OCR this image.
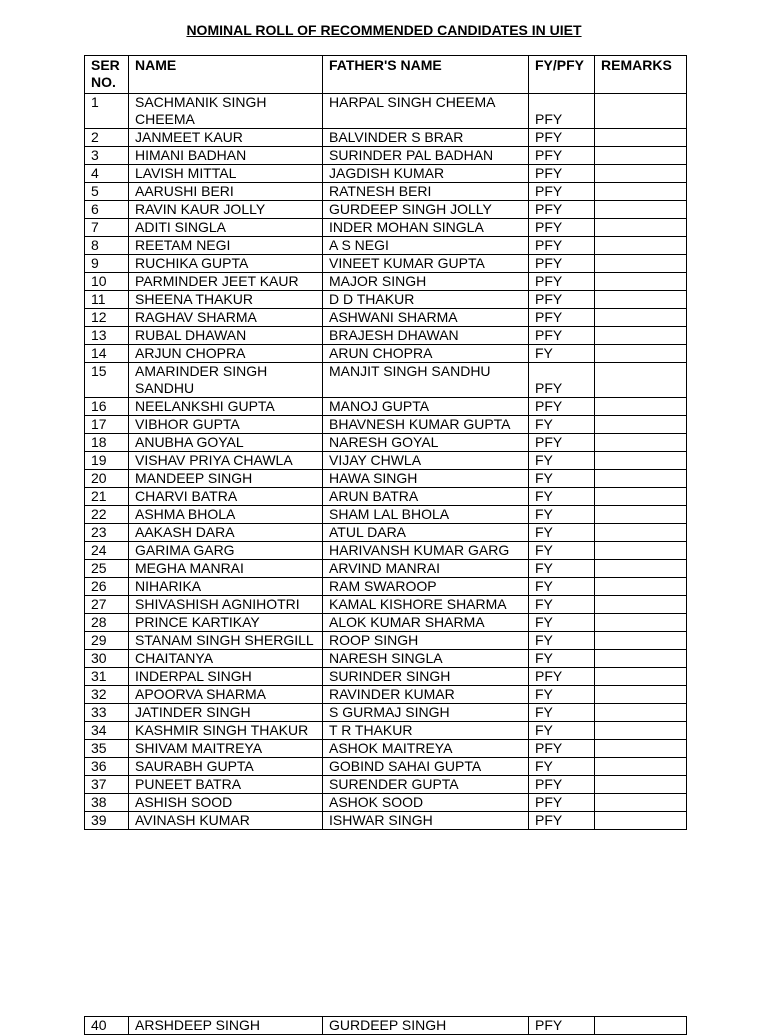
NOMINAL ROLL OF RECOMMENDED CANDIDATES IN UIET
SER NO.	NAME	FATHER'S NAME	FY/PFY	REMARKS
1	SACHMANIK SINGH CHEEMA	HARPAL SINGH CHEEMA	PFY	
2	JANMEET KAUR	BALVINDER S BRAR	PFY	
3	HIMANI BADHAN	SURINDER PAL BADHAN	PFY	
4	LAVISH MITTAL	JAGDISH KUMAR	PFY	
5	AARUSHI BERI	RATNESH BERI	PFY	
6	RAVIN KAUR JOLLY	GURDEEP SINGH JOLLY	PFY	
7	ADITI SINGLA	INDER MOHAN SINGLA	PFY	
8	REETAM NEGI	A S NEGI	PFY	
9	RUCHIKA GUPTA	VINEET KUMAR GUPTA	PFY	
10	PARMINDER JEET KAUR	MAJOR SINGH	PFY	
11	SHEENA THAKUR	D D THAKUR	PFY	
12	RAGHAV SHARMA	ASHWANI SHARMA	PFY	
13	RUBAL DHAWAN	BRAJESH DHAWAN	PFY	
14	ARJUN CHOPRA	ARUN CHOPRA	FY	
15	AMARINDER SINGH SANDHU	MANJIT SINGH SANDHU	PFY	
16	NEELANKSHI GUPTA	MANOJ GUPTA	PFY	
17	VIBHOR GUPTA	BHAVNESH KUMAR GUPTA	FY	
18	ANUBHA GOYAL	NARESH GOYAL	PFY	
19	VISHAV PRIYA CHAWLA	VIJAY CHWLA	FY	
20	MANDEEP SINGH	HAWA SINGH	FY	
21	CHARVI BATRA	ARUN BATRA	FY	
22	ASHMA BHOLA	SHAM LAL BHOLA	FY	
23	AAKASH DARA	ATUL DARA	FY	
24	GARIMA GARG	HARIVANSH KUMAR GARG	FY	
25	MEGHA MANRAI	ARVIND MANRAI	FY	
26	NIHARIKA	RAM SWAROOP	FY	
27	SHIVASHISH AGNIHOTRI	KAMAL KISHORE SHARMA	FY	
28	PRINCE KARTIKAY	ALOK KUMAR SHARMA	FY	
29	STANAM SINGH SHERGILL	ROOP SINGH	FY	
30	CHAITANYA	NARESH SINGLA	FY	
31	INDERPAL SINGH	SURINDER SINGH	PFY	
32	APOORVA SHARMA	RAVINDER KUMAR	FY	
33	JATINDER SINGH	S GURMAJ SINGH	FY	
34	KASHMIR SINGH THAKUR	T R THAKUR	FY	
35	SHIVAM MAITREYA	ASHOK MAITREYA	PFY	
36	SAURABH GUPTA	GOBIND SAHAI GUPTA	FY	
37	PUNEET BATRA	SURENDER GUPTA	PFY	
38	ASHISH SOOD	ASHOK SOOD	PFY	
39	AVINASH KUMAR	ISHWAR SINGH	PFY	
40	ARSHDEEP SINGH	GURDEEP SINGH	PFY	
